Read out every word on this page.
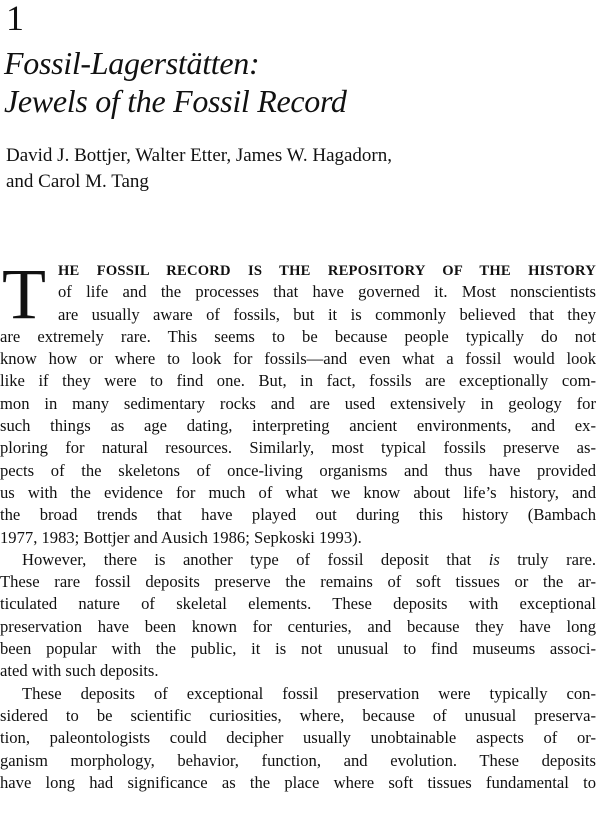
1
Fossil-Lagerstätten:
Jewels of the Fossil Record
David J. Bottjer, Walter Etter, James W. Hagadorn,
and Carol M. Tang
T HE FOSSIL RECORD IS THE REPOSITORY OF THE HISTORY
of life and the processes that have governed it. Most nonscientists
are usually aware of fossils, but it is commonly believed that they
are extremely rare. This seems to be because people typically do not
know how or where to look for fossils—and even what a fossil would look
like if they were to find one. But, in fact, fossils are exceptionally com-
mon in many sedimentary rocks and are used extensively in geology for
such things as age dating, interpreting ancient environments, and ex-
ploring for natural resources. Similarly, most typical fossils preserve as-
pects of the skeletons of once-living organisms and thus have provided
us with the evidence for much of what we know about life’s history, and
the broad trends that have played out during this history (Bambach
1977, 1983; Bottjer and Ausich 1986; Sepkoski 1993).
However, there is another type of fossil deposit that is truly rare.
These rare fossil deposits preserve the remains of soft tissues or the ar-
ticulated nature of skeletal elements. These deposits with exceptional
preservation have been known for centuries, and because they have long
been popular with the public, it is not unusual to find museums associ-
ated with such deposits.
These deposits of exceptional fossil preservation were typically con-
sidered to be scientific curiosities, where, because of unusual preserva-
tion, paleontologists could decipher usually unobtainable aspects of or-
ganism morphology, behavior, function, and evolution. These deposits
have long had significance as the place where soft tissues fundamental to
